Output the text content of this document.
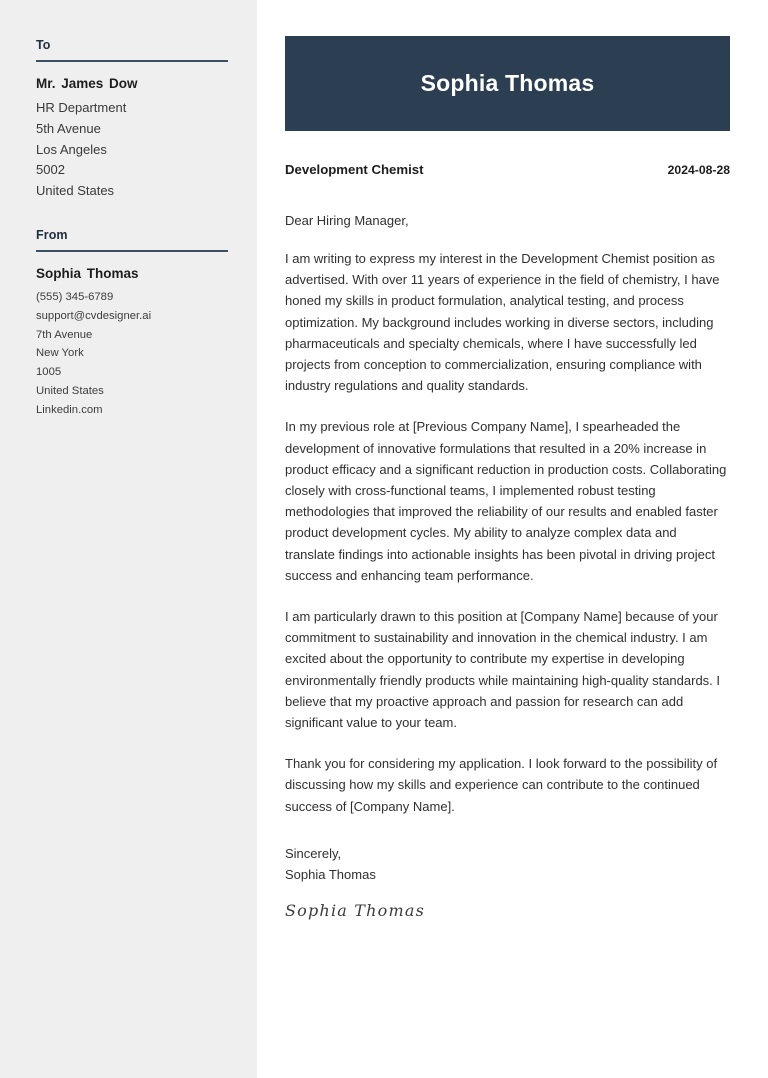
To
Mr. James Dow
HR Department
5th Avenue
Los Angeles
5002
United States
From
Sophia Thomas
(555) 345-6789
support@cvdesigner.ai
7th Avenue
New York
1005
United States
Linkedin.com
Sophia Thomas
Development Chemist	2024-08-28
Dear Hiring Manager,

I am writing to express my interest in the Development Chemist position as advertised. With over 11 years of experience in the field of chemistry, I have honed my skills in product formulation, analytical testing, and process optimization. My background includes working in diverse sectors, including pharmaceuticals and specialty chemicals, where I have successfully led projects from conception to commercialization, ensuring compliance with industry regulations and quality standards.

In my previous role at [Previous Company Name], I spearheaded the development of innovative formulations that resulted in a 20% increase in product efficacy and a significant reduction in production costs. Collaborating closely with cross-functional teams, I implemented robust testing methodologies that improved the reliability of our results and enabled faster product development cycles. My ability to analyze complex data and translate findings into actionable insights has been pivotal in driving project success and enhancing team performance.

I am particularly drawn to this position at [Company Name] because of your commitment to sustainability and innovation in the chemical industry. I am excited about the opportunity to contribute my expertise in developing environmentally friendly products while maintaining high-quality standards. I believe that my proactive approach and passion for research can add significant value to your team.

Thank you for considering my application. I look forward to the possibility of discussing how my skills and experience can contribute to the continued success of [Company Name].

Sincerely,
Sophia Thomas
Sophia Thomas
